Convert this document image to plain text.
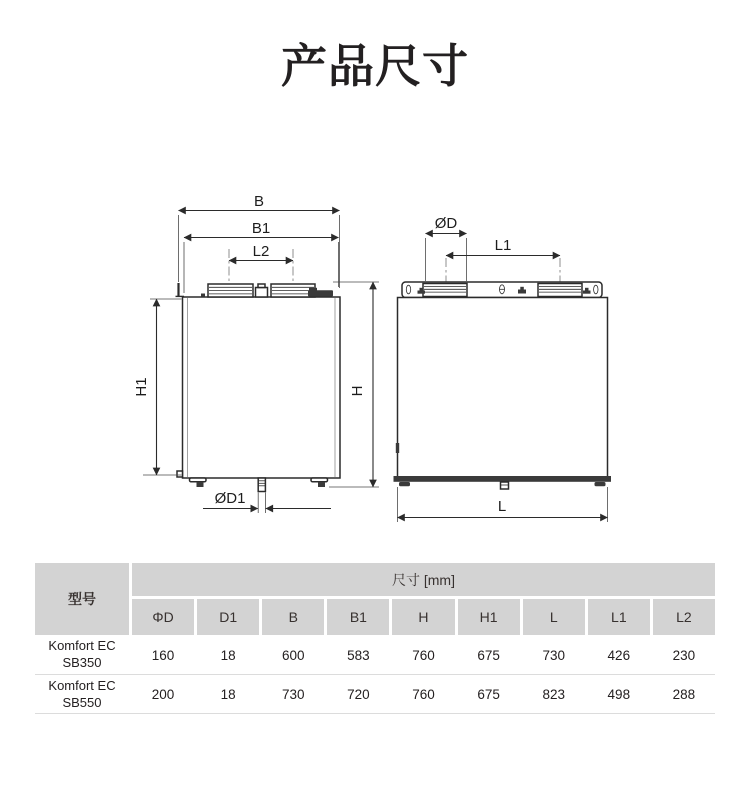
产品尺寸
B
B1
L2
H1	H
ØD1
ØD
L1
L
型号
尺寸 [mm]
ΦD	D1	B	B1	H	H1	L	L1	L2
Komfort EC
SB350	160	18	600	583	760	675	730	426	230
Komfort EC
SB550	200	18	730	720	760	675	823	498	288
